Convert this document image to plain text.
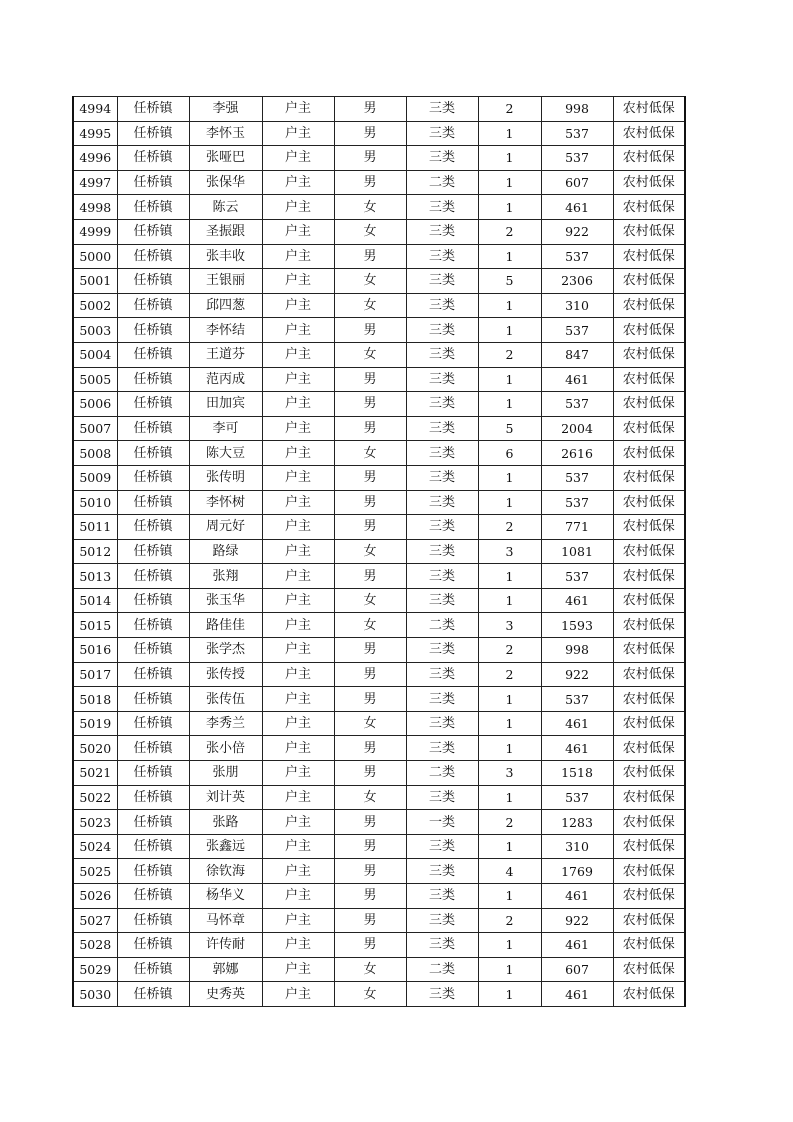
4994	任桥镇	李强	户主	男	三类	2	998	农村低保
4995	任桥镇	李怀玉	户主	男	三类	1	537	农村低保
4996	任桥镇	张哑巴	户主	男	三类	1	537	农村低保
4997	任桥镇	张保华	户主	男	二类	1	607	农村低保
4998	任桥镇	陈云	户主	女	三类	1	461	农村低保
4999	任桥镇	圣振跟	户主	女	三类	2	922	农村低保
5000	任桥镇	张丰收	户主	男	三类	1	537	农村低保
5001	任桥镇	王银丽	户主	女	三类	5	2306	农村低保
5002	任桥镇	邱四葱	户主	女	三类	1	310	农村低保
5003	任桥镇	李怀结	户主	男	三类	1	537	农村低保
5004	任桥镇	王道芬	户主	女	三类	2	847	农村低保
5005	任桥镇	范丙成	户主	男	三类	1	461	农村低保
5006	任桥镇	田加宾	户主	男	三类	1	537	农村低保
5007	任桥镇	李可	户主	男	三类	5	2004	农村低保
5008	任桥镇	陈大豆	户主	女	三类	6	2616	农村低保
5009	任桥镇	张传明	户主	男	三类	1	537	农村低保
5010	任桥镇	李怀树	户主	男	三类	1	537	农村低保
5011	任桥镇	周元好	户主	男	三类	2	771	农村低保
5012	任桥镇	路绿	户主	女	三类	3	1081	农村低保
5013	任桥镇	张翔	户主	男	三类	1	537	农村低保
5014	任桥镇	张玉华	户主	女	三类	1	461	农村低保
5015	任桥镇	路佳佳	户主	女	二类	3	1593	农村低保
5016	任桥镇	张学杰	户主	男	三类	2	998	农村低保
5017	任桥镇	张传授	户主	男	三类	2	922	农村低保
5018	任桥镇	张传伍	户主	男	三类	1	537	农村低保
5019	任桥镇	李秀兰	户主	女	三类	1	461	农村低保
5020	任桥镇	张小倍	户主	男	三类	1	461	农村低保
5021	任桥镇	张朋	户主	男	二类	3	1518	农村低保
5022	任桥镇	刘计英	户主	女	三类	1	537	农村低保
5023	任桥镇	张路	户主	男	一类	2	1283	农村低保
5024	任桥镇	张鑫远	户主	男	三类	1	310	农村低保
5025	任桥镇	徐钦海	户主	男	三类	4	1769	农村低保
5026	任桥镇	杨华义	户主	男	三类	1	461	农村低保
5027	任桥镇	马怀章	户主	男	三类	2	922	农村低保
5028	任桥镇	许传耐	户主	男	三类	1	461	农村低保
5029	任桥镇	郭娜	户主	女	二类	1	607	农村低保
5030	任桥镇	史秀英	户主	女	三类	1	461	农村低保
